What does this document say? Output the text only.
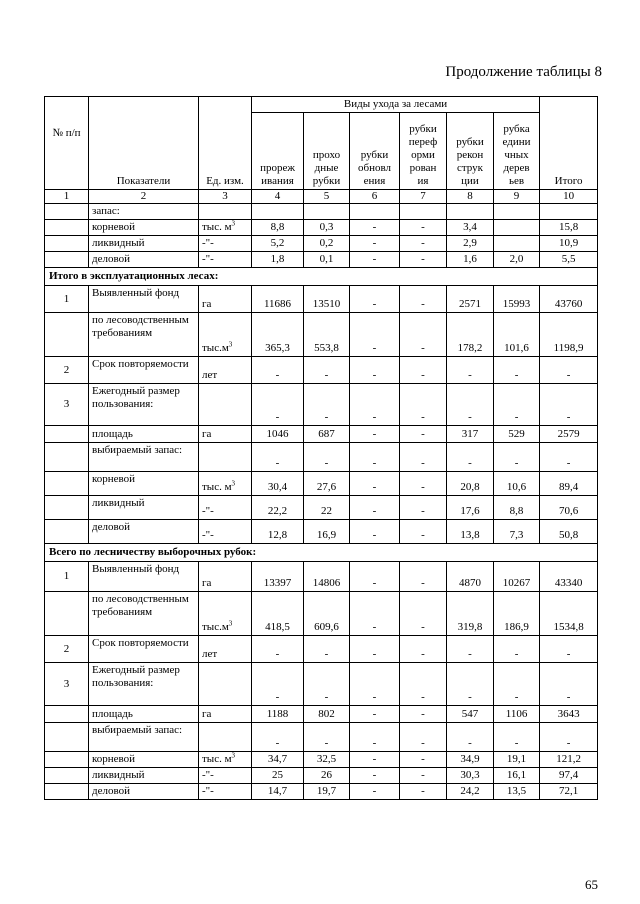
Продолжение таблицы 8
№ п/п	Показатели	Ед. изм.	Виды ухода за лесами						Итого
			прореж ивания	прохо дные рубки	рубки обновл ения	рубки переф орми рован ия	рубки рекон струк ции	рубка едини чных дерев ьев	
1	2	3	4	5	6	7	8	9	10
	запас:								
	корневой	тыс. $м^3$	8,8	0,3	-	-	3,4		15,8
	ликвидный	-"-	5,2	0,2	-	-	2,9		10,9
	деловой	-"-	1,8	0,1	-	-	1,6	2,0	5,5
Итого в эксплуатационных лесах:									
1	Выявленный фонд	га	11686	13510	-	-	2571	15993	43760
	по лесоводственным требованиям	$тыс.м^3$	365,3	553,8	-	-	178,2	101,6	1198,9
2	Срок повторяемости	лет	-	-	-	-	-	-	-
3	Ежегодный размер пользования:		-	-	-	-	-	-	-
	площадь	га	1046	687	-	-	317	529	2579
	выбираемый запас:		-	-	-	-	-	-	-
	корневой	тыс. $м^3$	30,4	27,6	-	-	20,8	10,6	89,4
	ликвидный	-"-	22,2	22	-	-	17,6	8,8	70,6
	деловой	-"-	12,8	16,9	-	-	13,8	7,3	50,8
Всего по лесничеству выборочных рубок:									
1	Выявленный фонд	га	13397	14806	-	-	4870	10267	43340
	по лесоводственным требованиям	$тыс.м^3$	418,5	609,6	-	-	319,8	186,9	1534,8
2	Срок повторяемости	лет	-	-	-	-	-	-	-
3	Ежегодный размер пользования:		-	-	-	-	-	-	-
	площадь	га	1188	802	-	-	547	1106	3643
	выбираемый запас:		-	-	-	-	-	-	-
	корневой	тыс. $м^3$	34,7	32,5	-	-	34,9	19,1	121,2
	ликвидный	-"-	25	26	-	-	30,3	16,1	97,4
	деловой	-"-	14,7	19,7	-	-	24,2	13,5	72,1
65
